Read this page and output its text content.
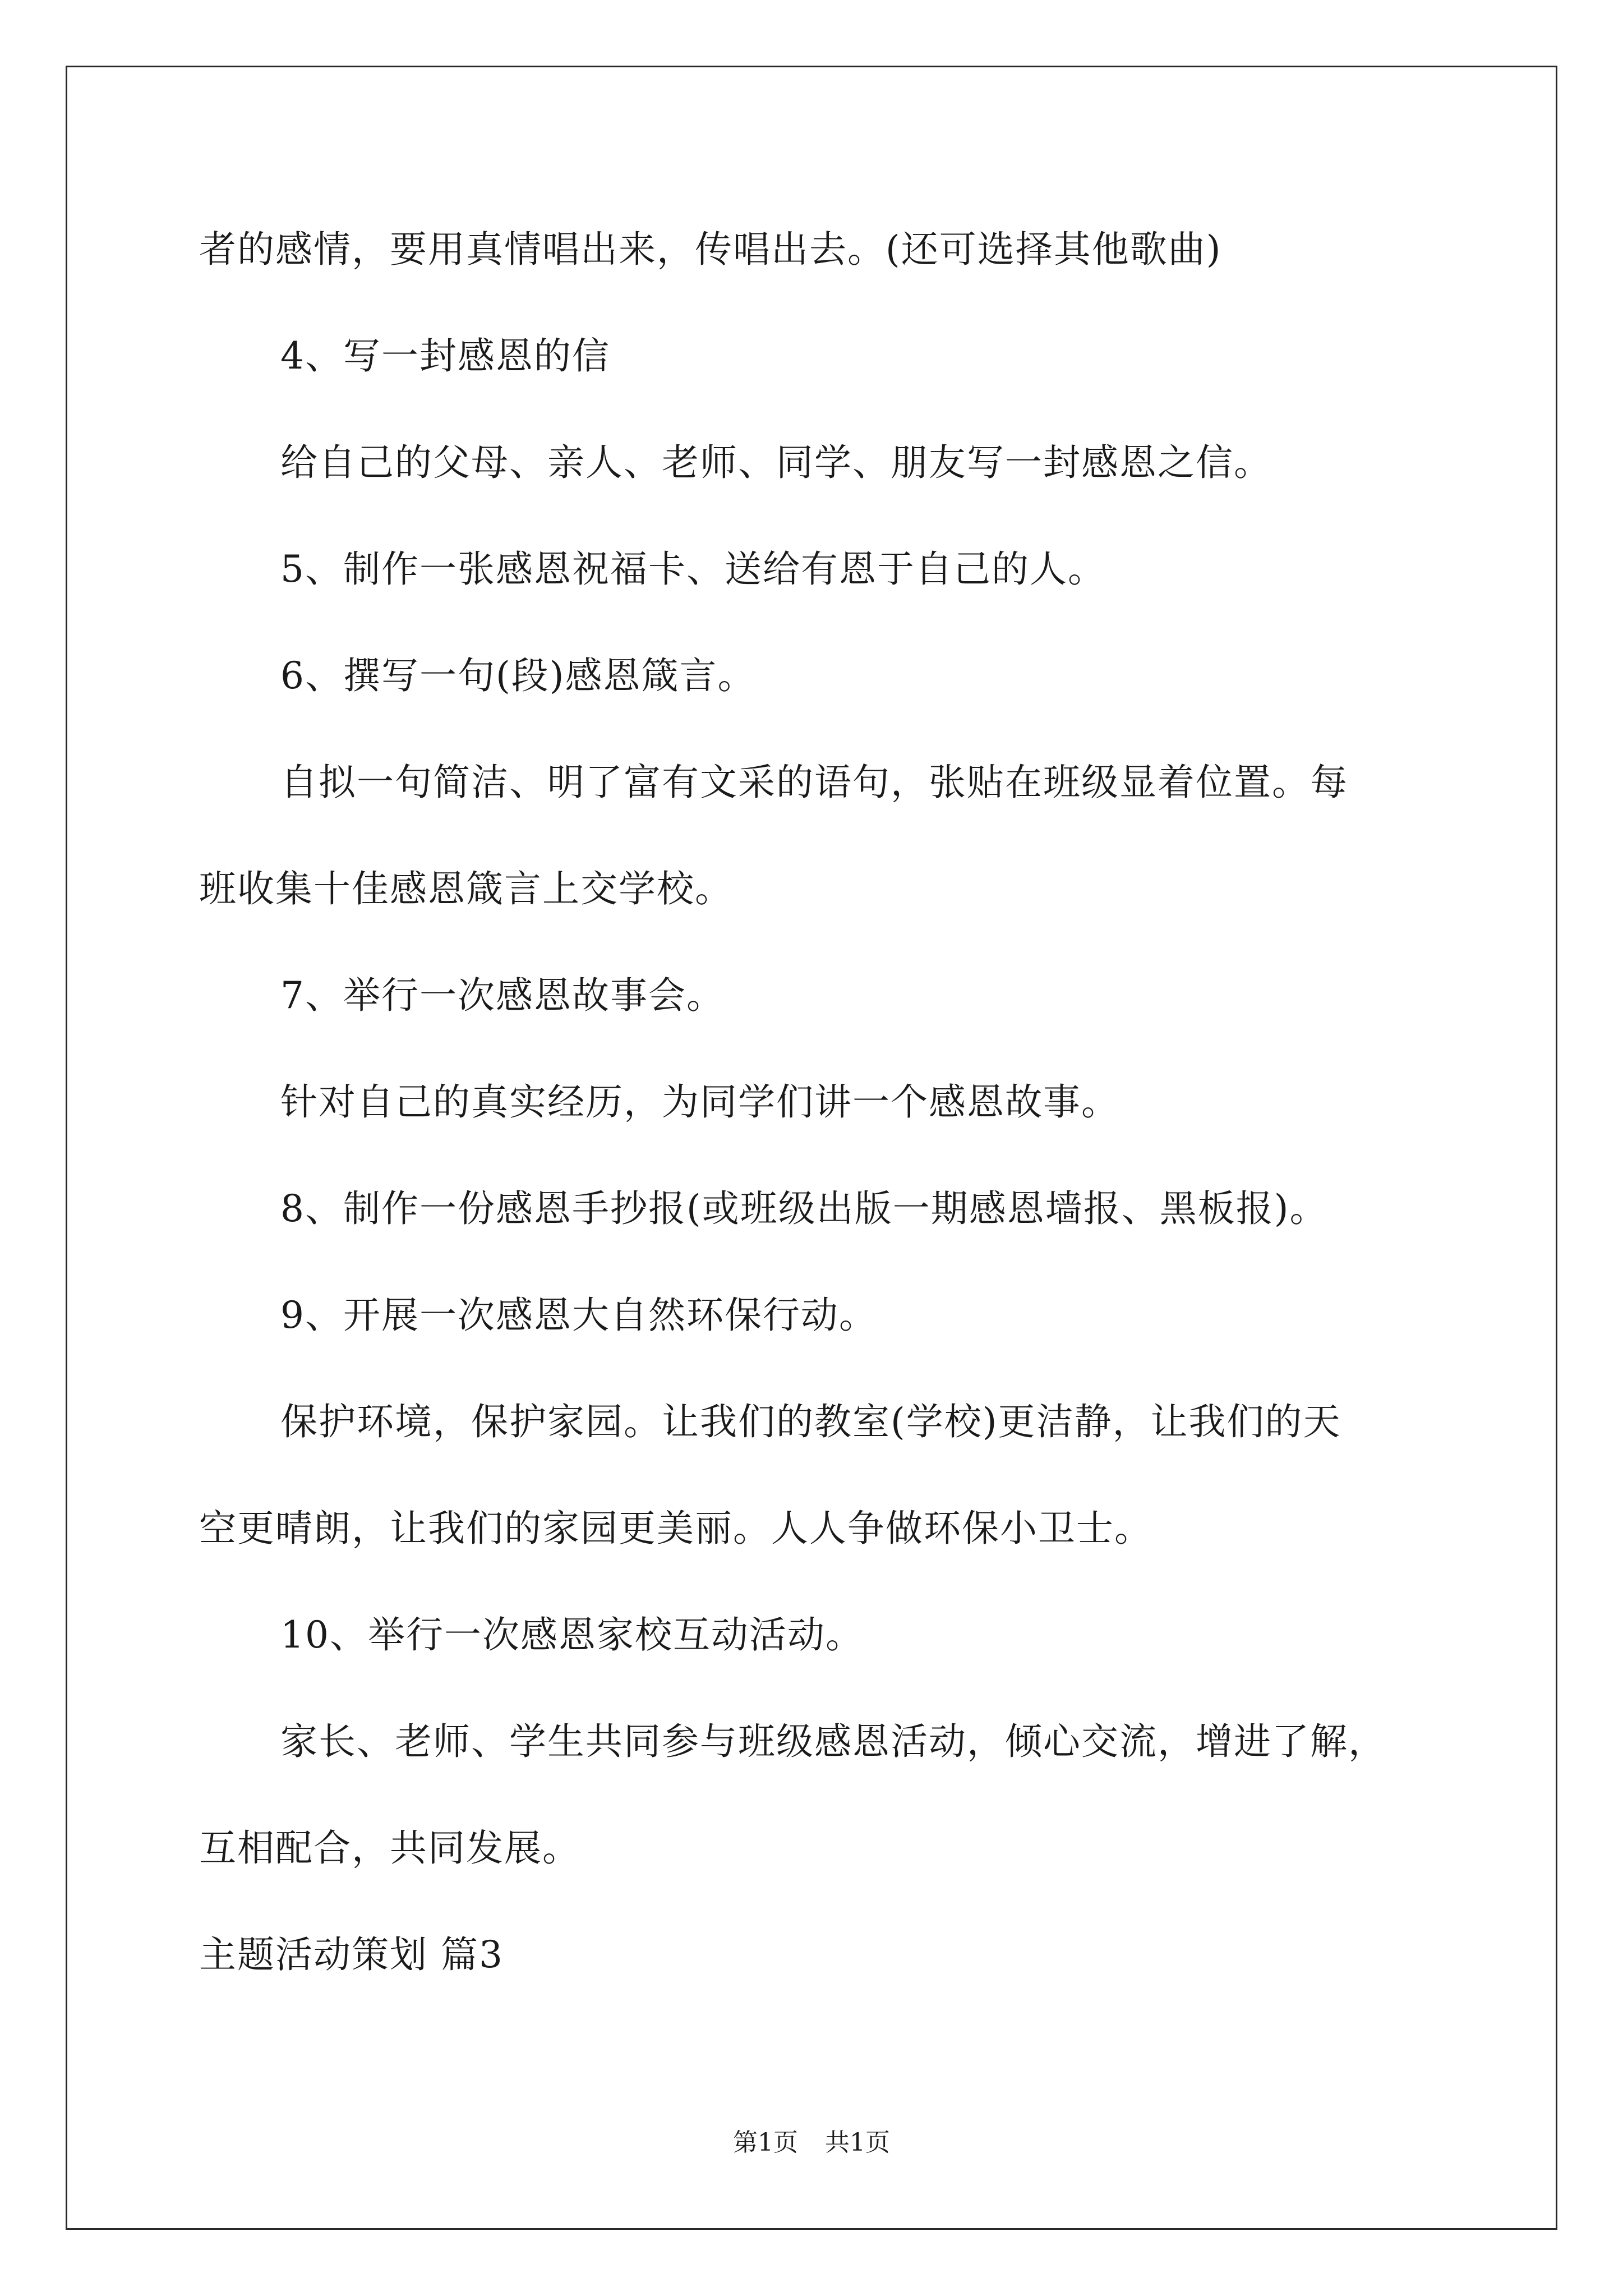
者的感情，要用真情唱出来，传唱出去。(还可选择其他歌曲)
4、写一封感恩的信
给自己的父母、亲人、老师、同学、朋友写一封感恩之信。
5、制作一张感恩祝福卡、送给有恩于自己的人。
6、撰写一句(段)感恩箴言。
自拟一句简洁、明了富有文采的语句，张贴在班级显着位置。每
班收集十佳感恩箴言上交学校。
7、举行一次感恩故事会。
针对自己的真实经历，为同学们讲一个感恩故事。
8、制作一份感恩手抄报(或班级出版一期感恩墙报、黑板报)。
9、开展一次感恩大自然环保行动。
保护环境，保护家园。让我们的教室(学校)更洁静，让我们的天
空更晴朗，让我们的家园更美丽。人人争做环保小卫士。
10、举行一次感恩家校互动活动。
家长、老师、学生共同参与班级感恩活动，倾心交流，增进了解，
互相配合，共同发展。
主题活动策划 篇3
第1页 共1页
